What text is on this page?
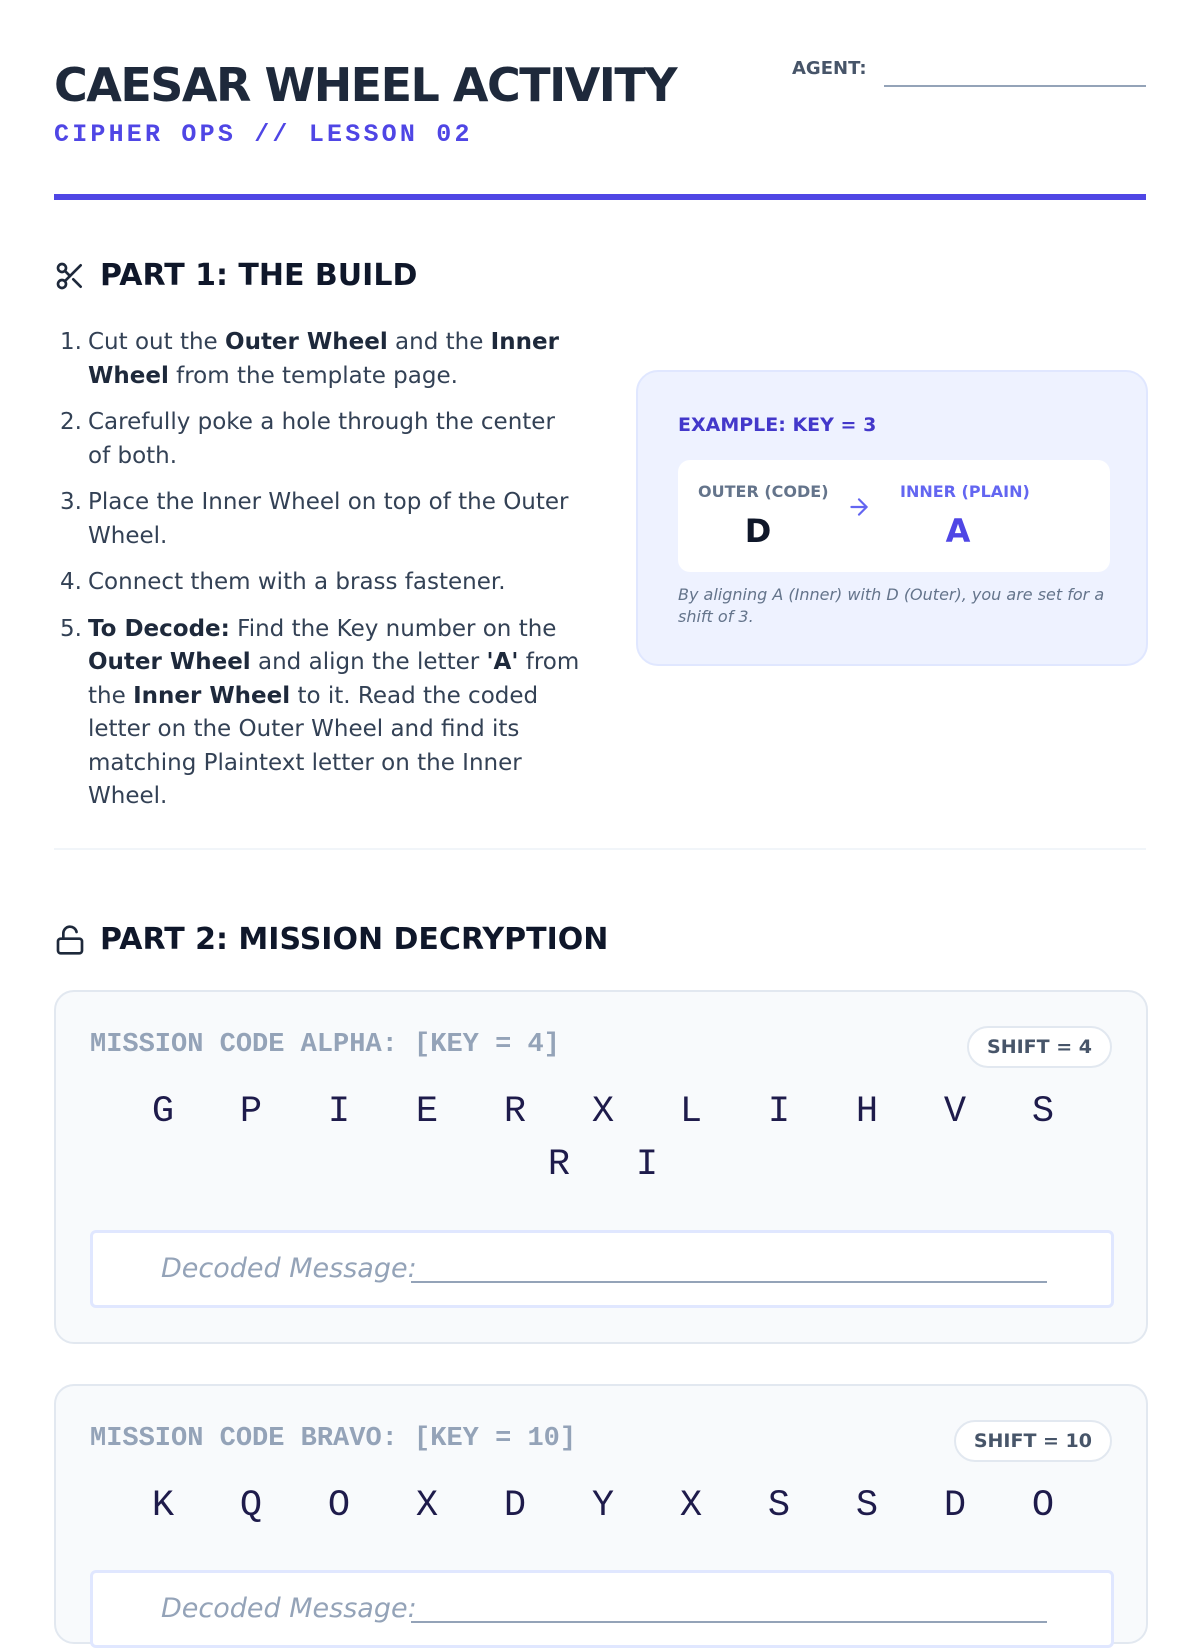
CAESAR WHEEL ACTIVITY
CIPHER OPS // LESSON 02
AGENT:
PART 1: THE BUILD
1. Cut out the Outer Wheel and the Inner Wheel from the template page.
2. Carefully poke a hole through the center of both.
3. Place the Inner Wheel on top of the Outer Wheel.
4. Connect them with a brass fastener.
5. To Decode: Find the Key number on the Outer Wheel and align the letter 'A' from the Inner Wheel to it. Read the coded letter on the Outer Wheel and find its matching Plaintext letter on the Inner Wheel.
EXAMPLE: KEY = 3
OUTER (CODE)
D
INNER (PLAIN)
A
By aligning A (Inner) with D (Outer), you are set for a shift of 3.
PART 2: MISSION DECRYPTION
MISSION CODE ALPHA: [KEY = 4]	SHIFT = 4
G	P	I	E	R	X	L	I	H	V	S
R	I
Decoded Message:
MISSION CODE BRAVO: [KEY = 10]	SHIFT = 10
K	Q	O	X	D	Y	X	S	S	D	O
Decoded Message:
